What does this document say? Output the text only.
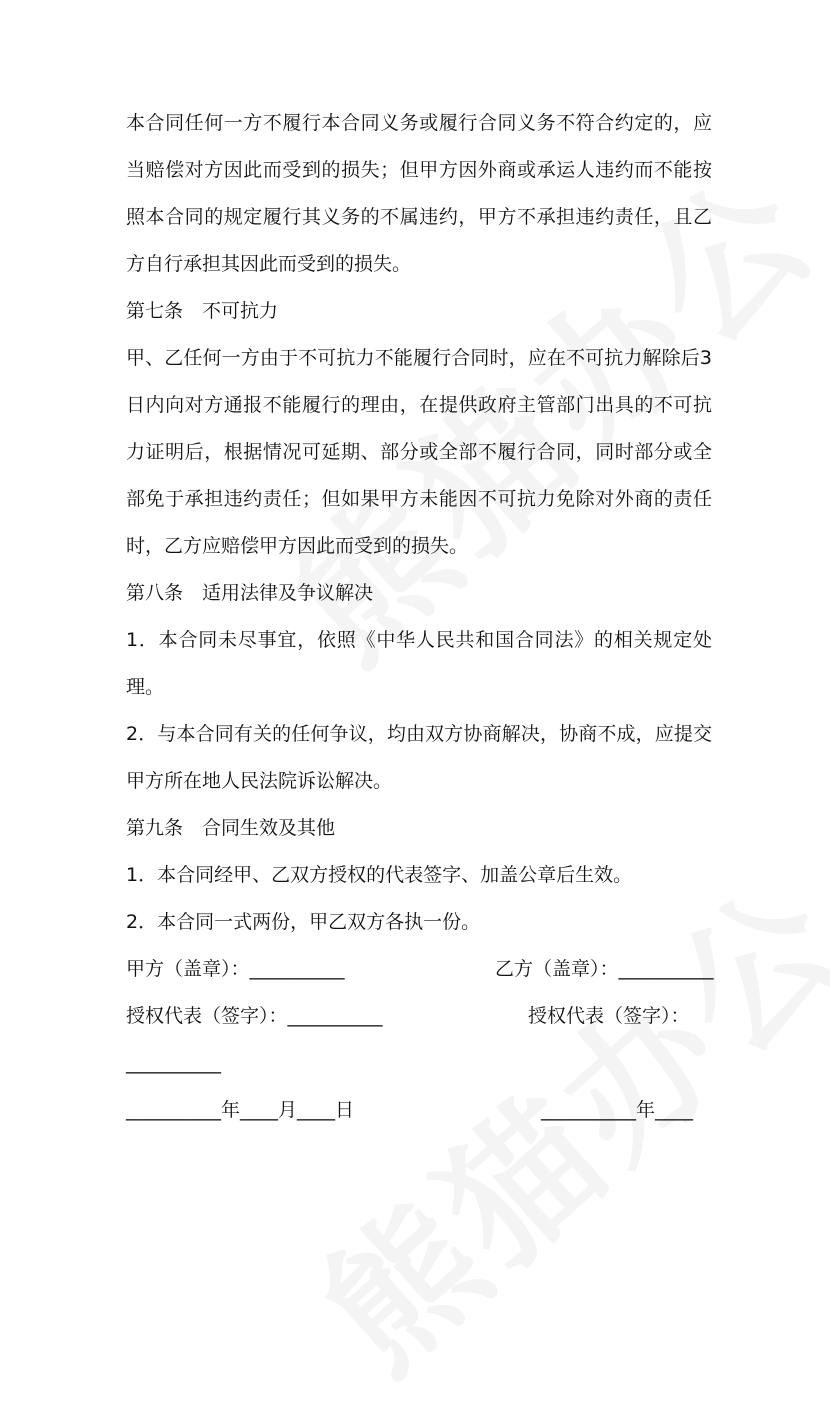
本合同任何一方不履行本合同义务或履行合同义务不符合约定的，应当赔偿对方因此而受到的损失；但甲方因外商或承运人违约而不能按照本合同的规定履行其义务的不属违约，甲方不承担违约责任，且乙方自行承担其因此而受到的损失。
第七条　不可抗力
甲、乙任何一方由于不可抗力不能履行合同时，应在不可抗力解除后3 日内向对方通报不能履行的理由，在提供政府主管部门出具的不可抗力证明后，根据情况可延期、部分或全部不履行合同，同时部分或全部免于承担违约责任；但如果甲方未能因不可抗力免除对外商的责任时，乙方应赔偿甲方因此而受到的损失。
第八条　适用法律及争议解决
1．本合同未尽事宜，依照《中华人民共和国合同法》的相关规定处理。
2．与本合同有关的任何争议，均由双方协商解决，协商不成，应提交甲方所在地人民法院诉讼解决。
第九条　合同生效及其他
1．本合同经甲、乙双方授权的代表签字、加盖公章后生效。
2．本合同一式两份，甲乙双方各执一份。
甲方（盖章）：__________	乙方（盖章）：__________
授权代表（签字）：__________	授权代表（签字）：
__________
__________年____月____日	__________年____
